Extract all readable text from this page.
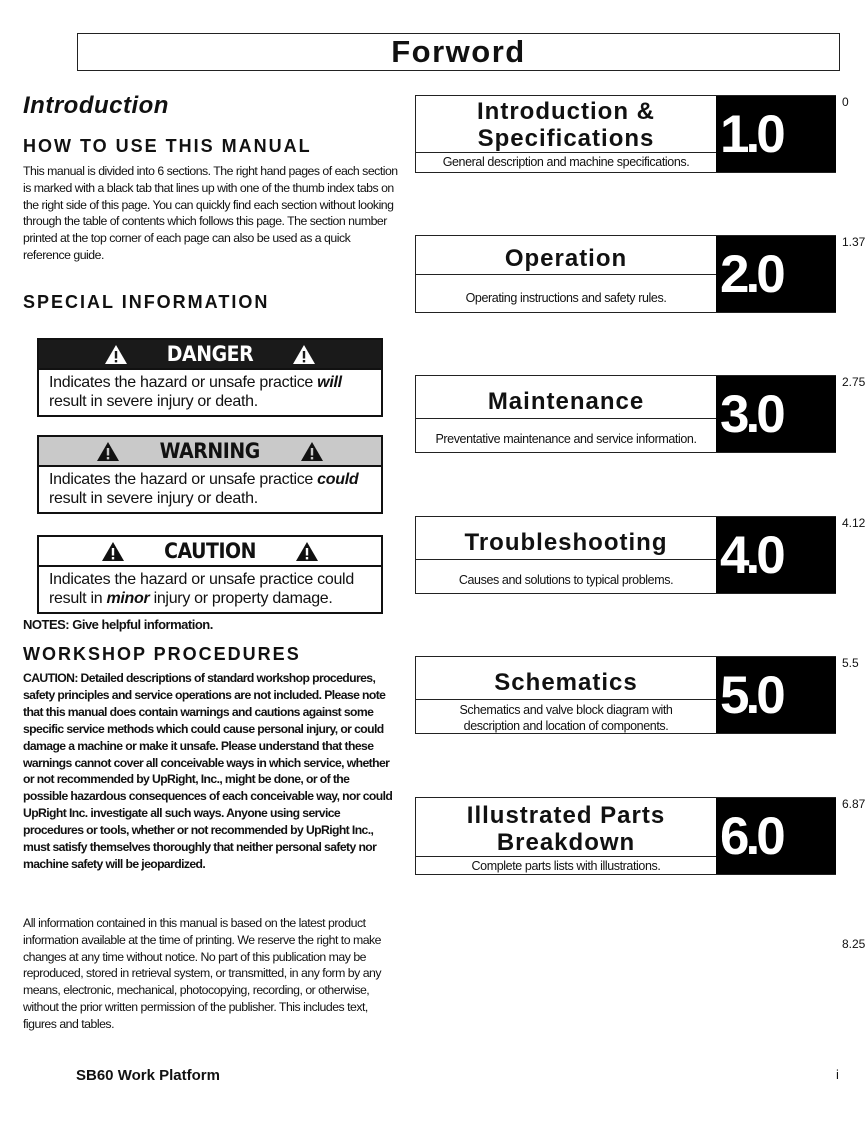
Forword
Introduction
HOW TO USE THIS MANUAL
This manual is divided into 6 sections. The right hand pages of each section is marked with a black tab that lines up with one of the thumb index tabs on the right side of this page. You can quickly find each section without looking through the table of contents which follows this page. The section number printed at the top corner of each page can also be used as a quick reference guide.
SPECIAL INFORMATION
DANGER
Indicates the hazard or unsafe practice will result in severe injury or death.
WARNING
Indicates the hazard or unsafe practice could result in severe injury or death.
CAUTION
Indicates the hazard or unsafe practice could result in minor injury or property damage.
NOTES: Give helpful information.
WORKSHOP PROCEDURES
CAUTION: Detailed descriptions of standard workshop procedures, safety principles and service operations are not included. Please note that this manual does contain warnings and cautions against some specific service methods which could cause personal injury, or could damage a machine or make it unsafe. Please understand that these warnings cannot cover all conceivable ways in which service, whether or not recommended by UpRight, Inc., might be done, or of the possible hazardous consequences of each conceivable way, nor could UpRight Inc. investigate all such ways. Anyone using service procedures or tools, whether or not recommended by UpRight Inc., must satisfy themselves thoroughly that neither personal safety nor machine safety will be jeopardized.
All information contained in this manual is based on the latest product information available at the time of printing. We reserve the right to make changes at any time without notice. No part of this publication may be reproduced, stored in retrieval system, or transmitted, in any form by any means, electronic, mechanical, photocopying, recording, or otherwise, without the prior written permission of the publisher. This includes text, figures and tables.
Introduction &
Specifications
General description and machine specifications. 1.0
0
Operation
Operating instructions and safety rules.	2.0
1.37
Maintenance
Preventative maintenance and service information. 3.0
2.75
Troubleshooting
Causes and solutions to typical problems. 4.0
4.12
Schematics
Schematics and valve block diagram with
description and location of components.
5.0
5.5
Illustrated Parts
Breakdown
Complete parts lists with illustrations.	6.0
6.87
8.25
SB60 Work Platform	i
